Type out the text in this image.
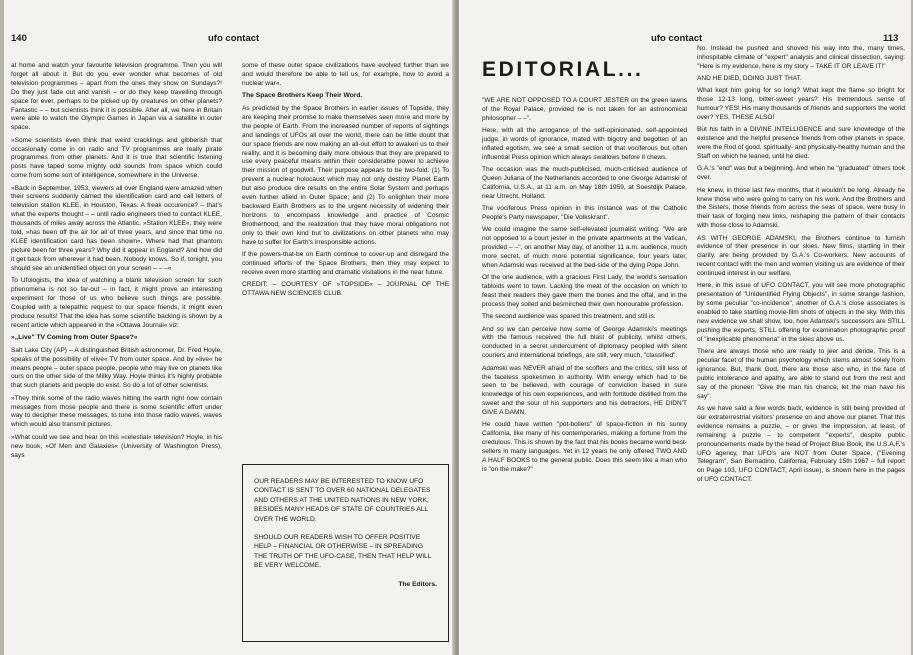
140	ufo contact

at home and watch your favourite television programme. Then you will forget all about it. But do you ever wonder what becomes of old television programmes – apart from the ones they show on Sundays?! Do they just fade out and vanish – or do they keep travelling through space for ever, perhaps to be picked up by creatures on other planets? Fantastic – – but scientists think it is possible. After all, we here in Britain were able to watch the Olympic Games in Japan via a satellite in outer space.

»Some scientists even think that weird cracklings and gibberish that occasionally come in on radio and TV programmes are really pirate programmes from other planets. And it is true that scientific listening posts have taped some mighty odd sounds from space which could come from some sort of intelligence, somewhere in the Universe.

»Back in September, 1953, viewers all over England were amazed when their screens suddenly carried the identification card and call letters of television station KLEE, in Houston, Texas. A freak occurence? – that's what the experts thought – – until radio engineers tried to contact KLEE, thousands of miles away across the Atlantic. »Station KLEE«, they were told, »has been off the air for all of three years, and since that time no KLEE identification card has been shown«. Where had that phantom picture been for three years? Why did it appear in England? And how did it get back from wherever it had been. Nobody knows. So if, tonight, you should see an unidentified object on your screen – – –«

To Ufologists, the idea of watching a blank television screen for such phenomena is not so far-out – in fact, it might prove an interesting experiment for those of us who believe such things are possible. Coupled with a telepathic request to our space friends, it might even produce results! That the idea has some scientific backing is shown by a recent article which appeared in the »Ottawa Journal« viz:

»„Live" TV Coming from Outer Space?«

Salt Lake City (AP) – A distinguished British astronomer, Dr. Fred Hoyle, speaks of the possibility of »live« TV from outer space. And by »live« he means people – outer space people, people who may live on planets like ours on the other side of the Milky Way. Hoyle thinks it's highly probable that such planets and people do exist. So do a lot of other scientists.

»They think some of the radio waves hitting the earth right now contain messages from those people and there is some scientific effort under way to decipher these messages, to tune into those radio waves, waves which would also transmit pictures.

»What could we see and hear on this »celestial« television? Hoyle, in his new book, »Of Men and Galaxies« (University of Washington Press), says

some of these outer space civilizations have evolved further than we and would therefore be able to tell us, for example, how to avoid a nuclear war«.

The Space Brothers Keep Their Word.

As predicted by the Space Brothers in earlier issues of Topside, they are keeping their promise to make themselves seen more and more by the people of Earth. From the increased number of reports of sightings and landings of UFOs all over the world, there can be little doubt that our space friends are now making an all-out effort to awaken us to their reality, and it is becoming daily more obvious that they are prepared to use every peaceful means within their considerable power to achieve their mission of goodwill. Their purpose appears to be two-fold: (1) To prevent a nuclear holocaust which may not only destroy Planet Earth but also produce dire results on the entire Solar System and perhaps even further afield in Outer Space; and (2) To enlighten their more backward Earth Brothers as to the urgent necessity of widening their horizons to encompass knowledge and practice of Cosmic Brotherhood, and the realization that they have moral obligations not only to their own kind but to civilizations on other planets who may have to suffer for Earth's irresponsible actions.

If the powers-that-be on Earth continue to cover-up and disregard the continued efforts of the Space Brothers, then they may expect to receive even more startling and dramatic visitations in the near future.

CREDIT: – COURTESY OF »TOPSIDE« – JOURNAL OF THE OTTAWA NEW SCIENCES CLUB.

OUR READERS MAY BE INTERESTED TO KNOW UFO CONTACT IS SENT TO OVER 60 NATIONAL DELEGATES AND OTHERS AT THE UNITED NATIONS IN NEW YORK, BESIDES MANY HEADS OF STATE OF COUNTRIES ALL OVER THE WORLD.

SHOULD OUR READERS WISH TO OFFER POSITIVE HELP – FINANCIAL OR OTHERWISE – IN SPREADING THE TRUTH OF THE UFO-CASE, THEN THAT HELP WILL BE VERY WELCOME.

The Editors.

ufo contact	113
EDITORIAL...

"WE ARE NOT OPPOSED TO A COURT JESTER on the green lawns of the Royal Palace, provided he is not taken for an astronomical philosopher – –".

Here, with all the arrogance of the self-opinionated, self-appointed judge, in words of ignorance, mated with bigotry and begotten of an inflated egotism, we see a small section of that vociferous but often influential Press opinion which always swallows before it chews.

The occasion was the much-publicised, much-criticised audience of Queen Juliana of the Netherlands accorded to one George Adamski of California, U.S.A., at 11 a.m. on May 18th 1959, at Soestdijk Palace, near Utrecht, Holland.

The vociferous Press opinion in this instance was of the Catholic People's Party newspaper, "Die Volkskrant".

We could imagine the same self-elevated journalist writing: "We are not opposed to a court jester in the private apartments at the Vatican, provided – –", on another May day, of another 11 a.m. audience, much more secret, of much more potential significance, four years later, when Adamski was received at the bed-side of the dying Pope John.

Of the one audience, with a gracious First Lady, the world's sensation tabloids went to town. Lacking the meat of the occasion on which to feast their readers they gave them the bones and the offal, and in the process they soiled and besmirched their own honourable profession.

The second audience was spared this treatment, and still is.

And so we can perceive how some of George Adamski's meetings with the famous received the full blast of publicity, whilst others, conducted in a secret undercurrent of diplomacy peopled with silent couriers and international briefings, are still, very much, "classified".

Adamski was NEVER afraid of the scoffers and the critics, still less of the faceless spokesmen in authority. With energy which had to be seen to be believed, with courage of conviction based in sure knowledge of his own experiences, and with fortitude distilled from the sweet and the sour of his supporters and his detractors, HE DIDN'T GIVE A DAMN.

He could have written "pot-boilers" of space-fiction in his sunny California, like many of his contemporaries, making a fortune from the credulous. This is shown by the fact that his books became world best-sellers in many languages. Yet in 12 years he only offered TWO AND A HALF BOOKS to the general public. Does this seem like a man who is "on the make?"

No. Instead he pushed and shoved his way into the, many times, inhospitable climate of "expert" analysis and clinical dissection, saying: "Here is my evidence, here is my story – TAKE IT OR LEAVE IT!"

AND HE DIED, DOING JUST THAT.

What kept him going for so long? What kept the flame so bright for those 12-13 long, bitter-sweet years? His tremendous sense of humour? YES! His many thousands of friends and supporters the world over? YES, THESE ALSO!

But his faith in a DIVINE INTELLIGENCE and sure knowledge of the existence and the helpful presence friends from other planets in space, were the Rod of good, spiritually- and physically-healthy human and the Staff on which he leaned, until he died.

G.A.'s "end" was but a beginning. And when he "graduated" others took over.

He knew, in those last few months, that it wouldn't be long. Already he knew those who were going to carry on his work. And the Brothers and the Sisters, those friends from across the seas of space, were busy in their task of forging new links, reshaping the pattern of their contacts with those close to Adamski.

AS WITH GEORGE ADAMSKI, the Brothers continue to furnish evidence of their presence in our skies. New films, startling in their clarity, are being provided by G.A.'s Co-workers. New accounts of recent contact with the men and women visiting us are evidence of their continued interest in our welfare.

Here, in this issue of UFO CONTACT, you will see more photographic presentation of "Unidentified Flying Objects", in some strange fashion, by some peculiar "co-incidence", another of G.A.'s close associates is enabled to take startling movie-film shots of objects in the sky. With this new evidence we shall show, too, how Adamski's successors are STILL pushing the experts, STILL offering for examination photographic proof of "inexplicable phenomena" in the skies above us.

There are always those who are ready to jeer and deride. This is a peculiar facet of the human psychology which stems almost solely from ignorance. But, thank God, there are those also who, in the face of public intolerance and apathy, are able to stand out from the rest and say of the pioneer: "Give the man his chance, let the man have his say".

As we have said a few words back, evidence is still being provided of our extraterrestrial visitors' presence on and above our planet. That this evidence remains a puzzle, – or gives the impression, at least, of remaining a puzzle – to competent "experts", despite public pronouncements made by the head of Project Blue Book, the U.S.A.F.'s UFO agency, that UFO's are NOT from Outer Space, ("Evening Telegram", San Bernadino, California, February 15th 1967 – full report on Page 103, UFO CONTACT, April issue), is shown here in the pages of UFO CONTACT.
